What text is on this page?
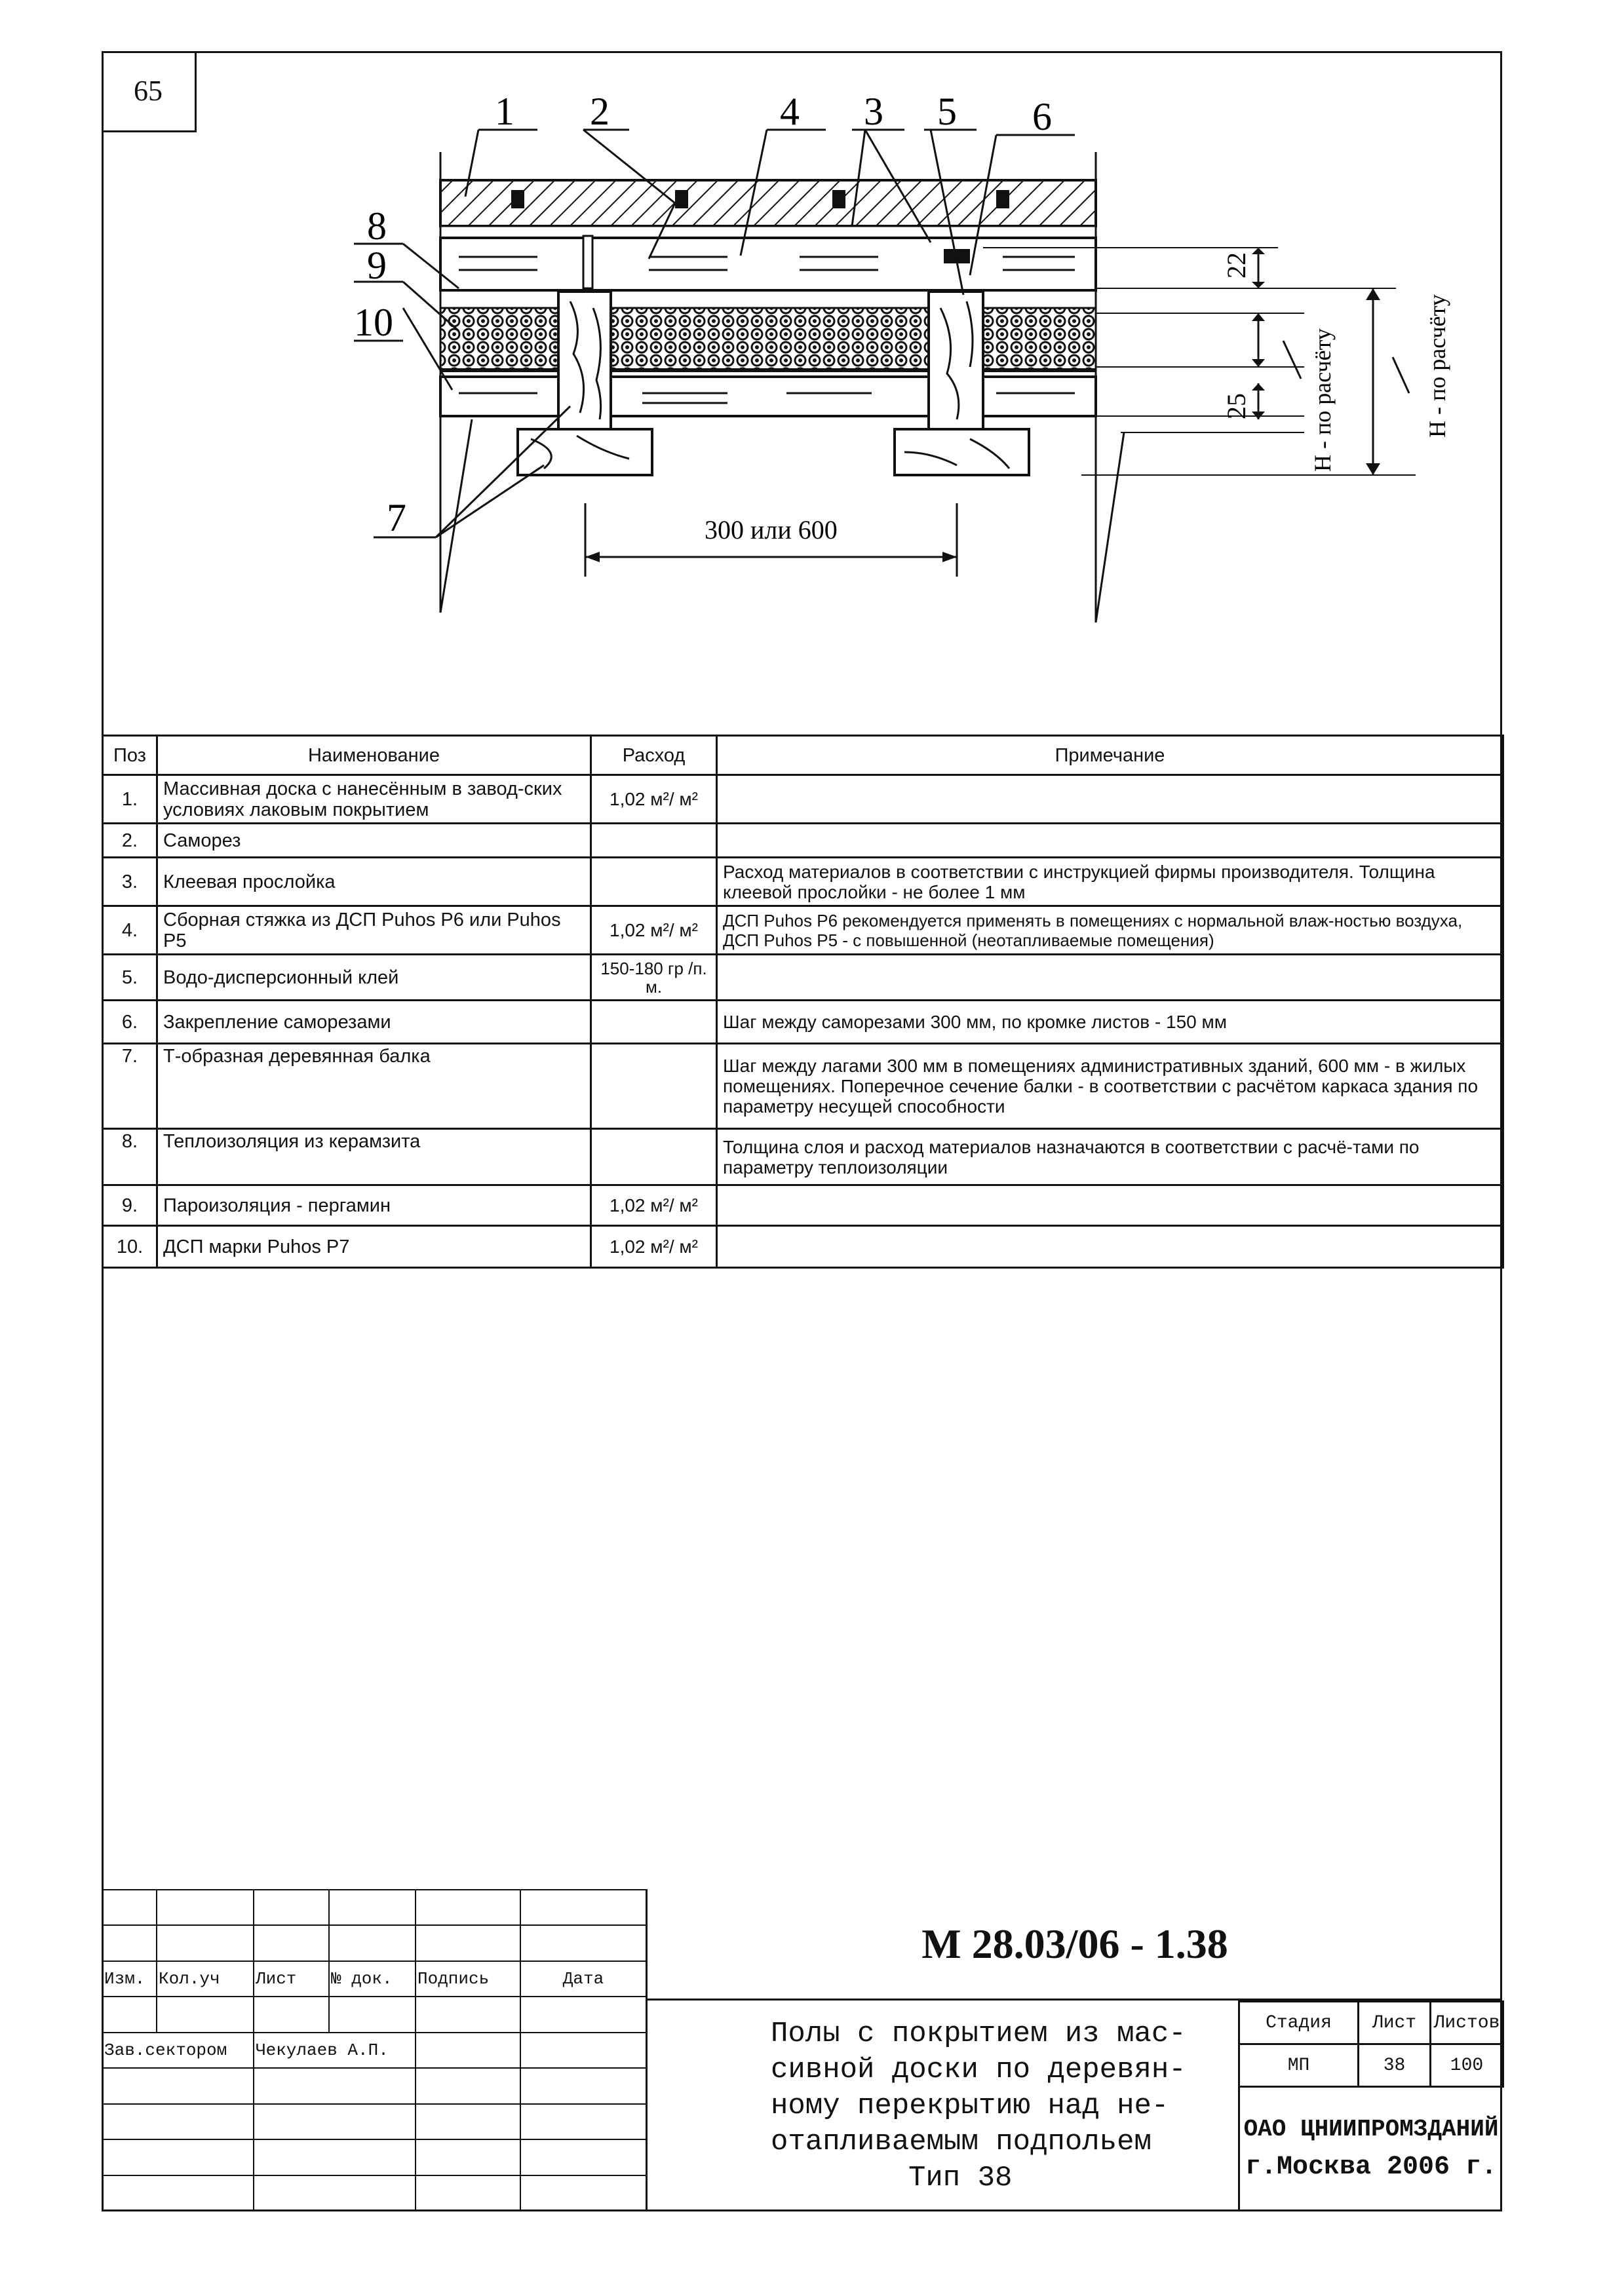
65	1 2	4 3 5 6
8
9
10
7
22
25 H - по расчёту	H - по расчёту
300 или 600
Поз	Наименование	Расход	Примечание
1.	Массивная доска с нанесённым в завод-ских условиях лаковым покрытием	1,02 м²/ м²	
2.	Саморез		
3.	Клеевая прослойка		Расход материалов в соответствии с инструкцией фирмы производителя. Толщина клеевой прослойки - не более 1 мм
4.	Сборная стяжка из ДСП Puhos P6 или Puhos P5	1,02 м²/ м²	ДСП Puhos P6 рекомендуется применять в помещениях с нормальной влаж-ностью воздуха, ДСП Puhos P5 - с повышенной (неотапливаемые помещения)
5.	Водо-дисперсионный клей	150-180 гр /п. м.	
6.	Закрепление саморезами		Шаг между саморезами 300 мм, по кромке листов - 150 мм
7.	Т-образная деревянная балка		Шаг между лагами 300 мм в помещениях административных зданий, 600 мм - в жилых помещениях. Поперечное сечение балки - в соответствии с расчётом каркаса здания по параметру несущей способности
8.	Теплоизоляция из керамзита		Толщина слоя и расход материалов назначаются в соответствии с расчё-тами по параметру теплоизоляции
9.	Пароизоляция - пергамин	1,02 м²/ м²	
10.	ДСП марки Puhos P7	1,02 м²/ м²	

Изм.	Кол.уч	Лист	№ док.	Подпись	Дата

Зав.сектором		Чекулаев А.П.			

М 28.03/06 - 1.38
Полы с покрытием из мас-
сивной доски по деревян-
ному перекрытию над не-
отапливаемым подпольем
Тип 38
Стадия	Лист	Листов
МП	38	100
ОАО ЦНИИПРОМЗДАНИЙ
г.Москва 2006 г.
